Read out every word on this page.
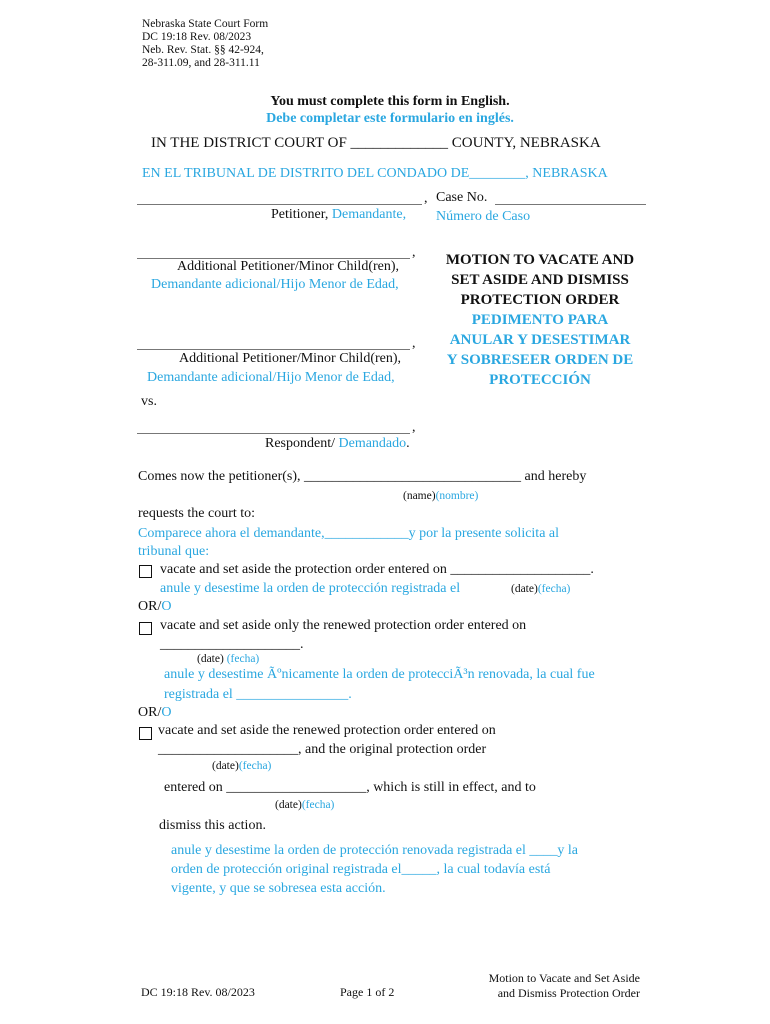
Nebraska State Court Form
DC 19:18 Rev. 08/2023
Neb. Rev. Stat. §§ 42-924,
28-311.09, and 28-311.11
You must complete this form in English.
Debe completar este formulario en inglés.
IN THE DISTRICT COURT OF _____________ COUNTY, NEBRASKA
EN EL TRIBUNAL DE DISTRITO DEL CONDADO DE________, NEBRASKA
,
Petitioner, Demandante,
Case No.
Número de Caso
,
Additional Petitioner/Minor Child(ren),
Demandante adicional/Hijo Menor de Edad,
,
Additional Petitioner/Minor Child(ren),
Demandante adicional/Hijo Menor de Edad,
vs.
,
Respondent/ Demandado.
MOTION TO VACATE AND
SET ASIDE AND DISMISS
PROTECTION ORDER
PEDIMENTO PARA
ANULAR Y DESESTIMAR
Y SOBRESEER ORDEN DE
PROTECCIÓN
Comes now the petitioner(s), _______________________________ and hereby
(name)(nombre)
requests the court to:
Comparece ahora el demandante,____________y por la presente solicita al
tribunal que:
vacate and set aside the protection order entered on ____________________.
anule y desestime la orden de protección registrada el	(date)(fecha)
OR/O
vacate and set aside only the renewed protection order entered on
____________________.
(date) (fecha)
anule y desestime Ãºnicamente la orden de protecciÃ³n renovada, la cual fue
registrada el ________________.
OR/O
vacate and set aside the renewed protection order entered on
____________________, and the original protection order
(date)(fecha)
entered on ____________________, which is still in effect, and to
(date)(fecha)
dismiss this action.
anule y desestime la orden de protección renovada registrada el ____y la
orden de protección original registrada el_____, la cual todavía está
vigente, y que se sobresea esta acción.
DC 19:18 Rev. 08/2023	Page 1 of 2
Motion to Vacate and Set Aside
and Dismiss Protection Order
